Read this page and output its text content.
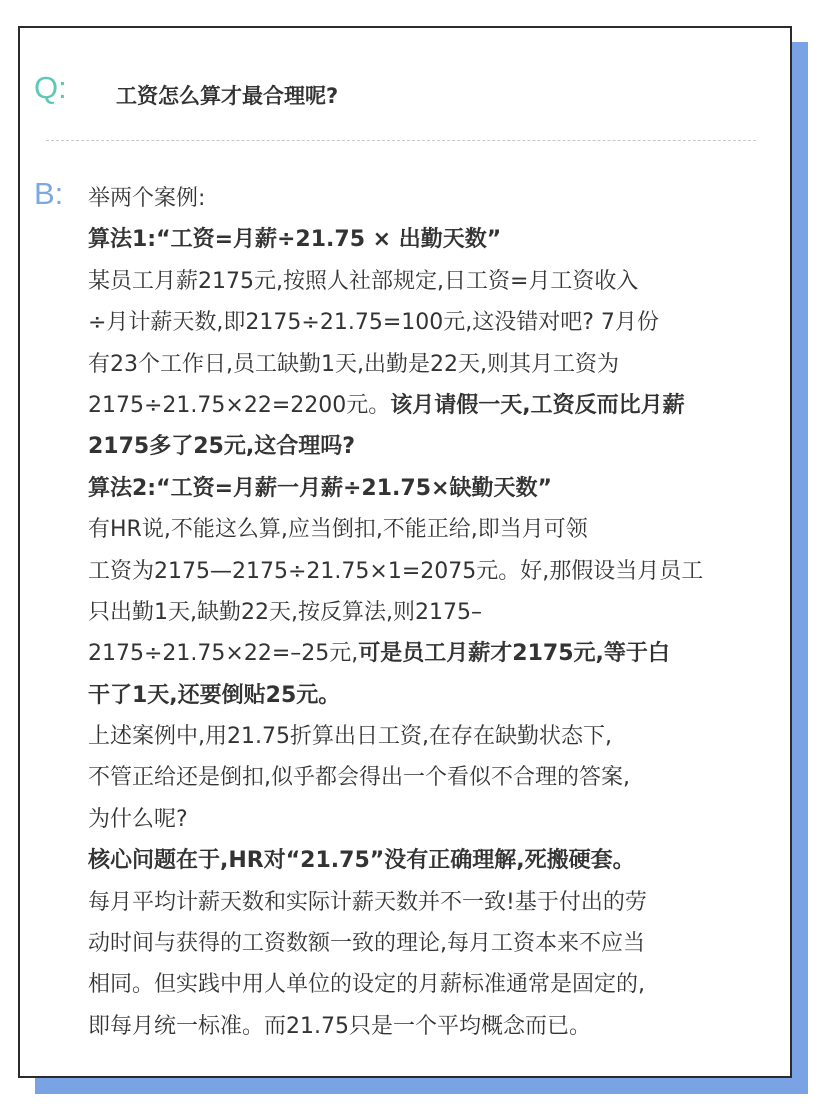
Q: 工资怎么算才最合理呢?
B: 举两个案例:
算法1:“工资=月薪÷21.75 × 出勤天数”
某员工月薪2175元,按照人社部规定,日工资=月工资收入
÷月计薪天数,即2175÷21.75=100元,这没错对吧? 7月份
有23个工作日,员工缺勤1天,出勤是22天,则其月工资为
2175÷21.75×22=2200元。该月请假一天,工资反而比月薪
2175多了25元,这合理吗?
算法2:“工资=月薪一月薪÷21.75×缺勤天数”
有HR说,不能这么算,应当倒扣,不能正给,即当月可领
工资为2175—2175÷21.75×1=2075元。好,那假设当月员工
只出勤1天,缺勤22天,按反算法,则2175–
2175÷21.75×22=–25元,可是员工月薪才2175元,等于白
干了1天,还要倒贴25元。
上述案例中,用21.75折算出日工资,在存在缺勤状态下,
不管正给还是倒扣,似乎都会得出一个看似不合理的答案,
为什么呢?
核心问题在于,HR对“21.75”没有正确理解,死搬硬套。
每月平均计薪天数和实际计薪天数并不一致!基于付出的劳
动时间与获得的工资数额一致的理论,每月工资本来不应当
相同。但实践中用人单位的设定的月薪标准通常是固定的,
即每月统一标准。而21.75只是一个平均概念而已。
